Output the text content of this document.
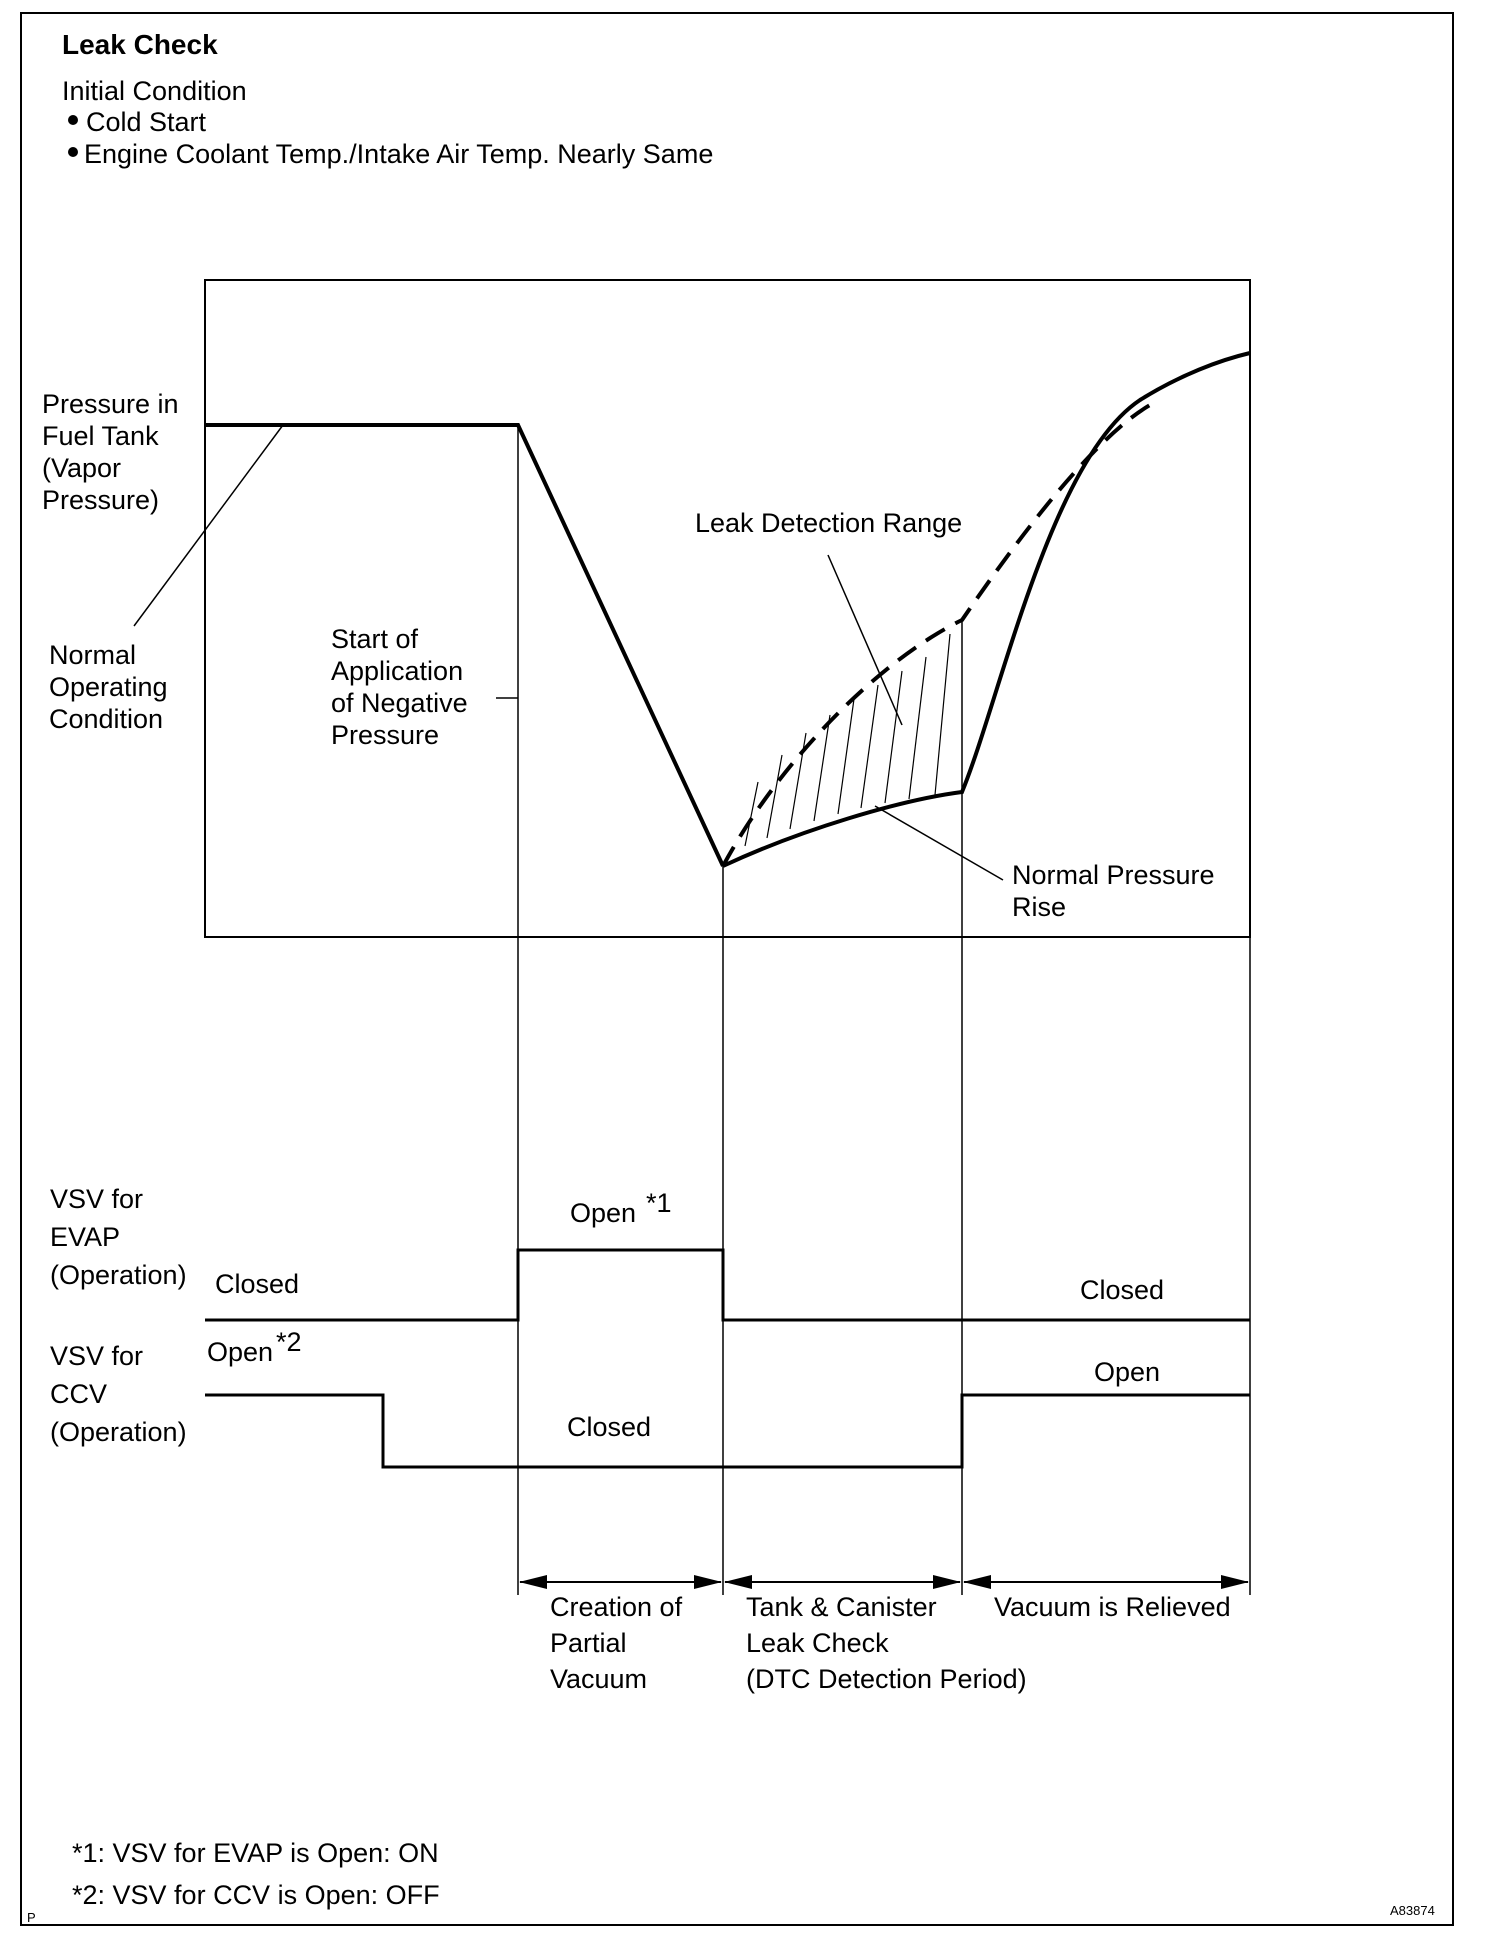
Leak Check
Initial Condition
Cold Start
Engine Coolant Temp./Intake Air Temp. Nearly Same
Pressure in
Fuel Tank
(Vapor
Pressure)
Normal
Operating
Condition
Start of
Application
of Negative
Pressure
Leak Detection Range
Normal Pressure
Rise
VSV for
EVAP
(Operation) Closed
Open *1
Closed
VSV for
CCV
(Operation)
Open *2
Closed
Open
Creation of
Partial
Vacuum
Tank & Canister
Leak Check
(DTC Detection Period)
Vacuum is Relieved
*1: VSV for EVAP is Open: ON
*2: VSV for CCV is Open: OFF
P	A83874
